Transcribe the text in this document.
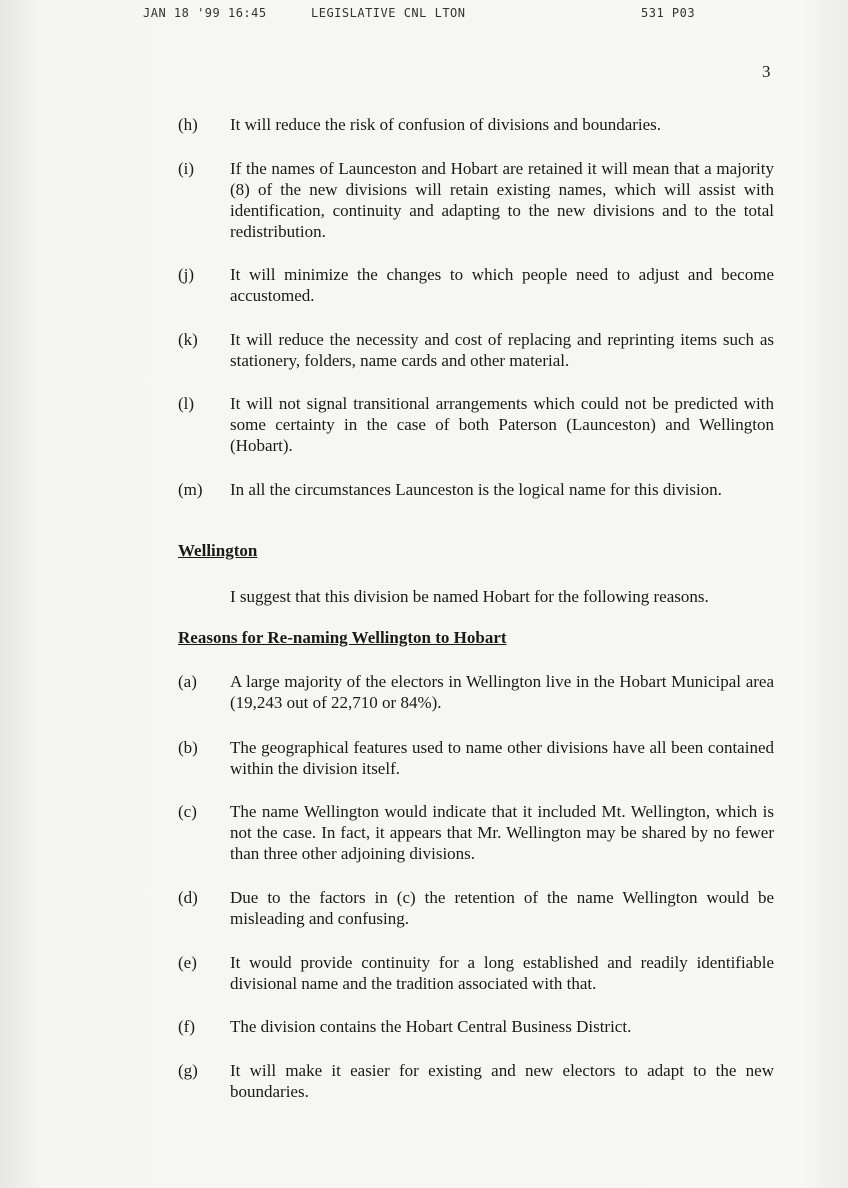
JAN 18 '99 16:45	LEGISLATIVE CNL LTON	531 P03
3
(h) It will reduce the risk of confusion of divisions and boundaries.
(i) If the names of Launceston and Hobart are retained it will mean that a majority (8) of the new divisions will retain existing names, which will assist with identification, continuity and adapting to the new divisions and to the total redistribution.
(j) It will minimize the changes to which people need to adjust and become accustomed.
(k) It will reduce the necessity and cost of replacing and reprinting items such as stationery, folders, name cards and other material.
(l) It will not signal transitional arrangements which could not be predicted with some certainty in the case of both Paterson (Launceston) and Wellington (Hobart).
(m) In all the circumstances Launceston is the logical name for this division.
Wellington
I suggest that this division be named Hobart for the following reasons.
Reasons for Re-naming Wellington to Hobart
(a) A large majority of the electors in Wellington live in the Hobart Municipal area (19,243 out of 22,710 or 84%).
(b) The geographical features used to name other divisions have all been contained within the division itself.
(c) The name Wellington would indicate that it included Mt. Wellington, which is not the case. In fact, it appears that Mr. Wellington may be shared by no fewer than three other adjoining divisions.
(d) Due to the factors in (c) the retention of the name Wellington would be misleading and confusing.
(e) It would provide continuity for a long established and readily identifiable divisional name and the tradition associated with that.
(f) The division contains the Hobart Central Business District.
(g) It will make it easier for existing and new electors to adapt to the new boundaries.
